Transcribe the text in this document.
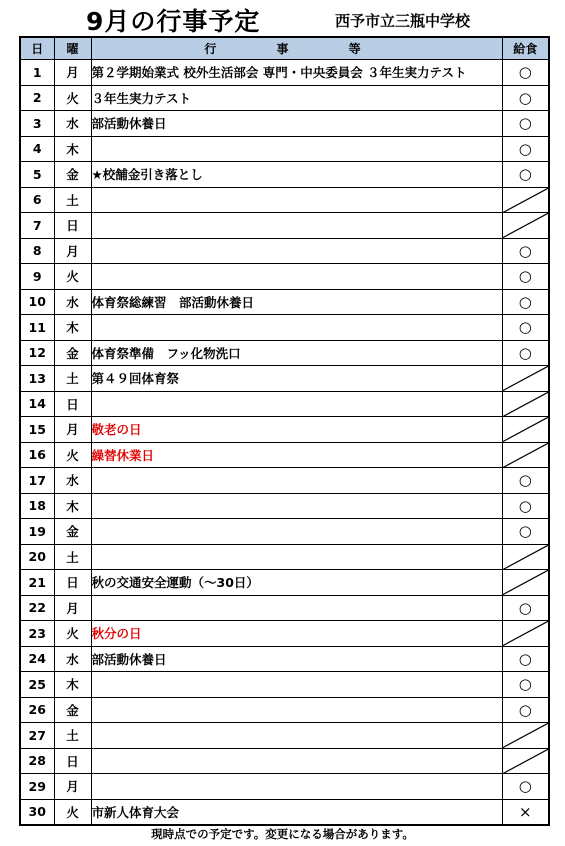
9月の行事予定	西予市立三瓶中学校
日	曜	行 事 等	給食
1	月	第２学期始業式 校外生活部会 専門・中央委員会 ３年生実力テスト	○
2	火	３年生実力テスト	○
3	水	部活動休養日	○
4	木		○
5	金	★校舗金引き落とし	○
6	土		

7	日		

8	月		○
9	火		○
10	水	体育祭総練習　部活動休養日	○
11	木		○
12	金	体育祭準備　フッ化物洗口	○
13	土	第４９回体育祭	

14	日		

15	月	敬老の日	

16	火	繰替休業日	

17	水		○
18	木		○
19	金		○
20	土		

21	日	秋の交通安全運動（～30日）	

22	月		○
23	火	秋分の日	

24	水	部活動休養日	○
25	木		○
26	金		○
27	土		

28	日		

29	月		○
30	火	市新人体育大会	×
現時点での予定です。変更になる場合があります。
